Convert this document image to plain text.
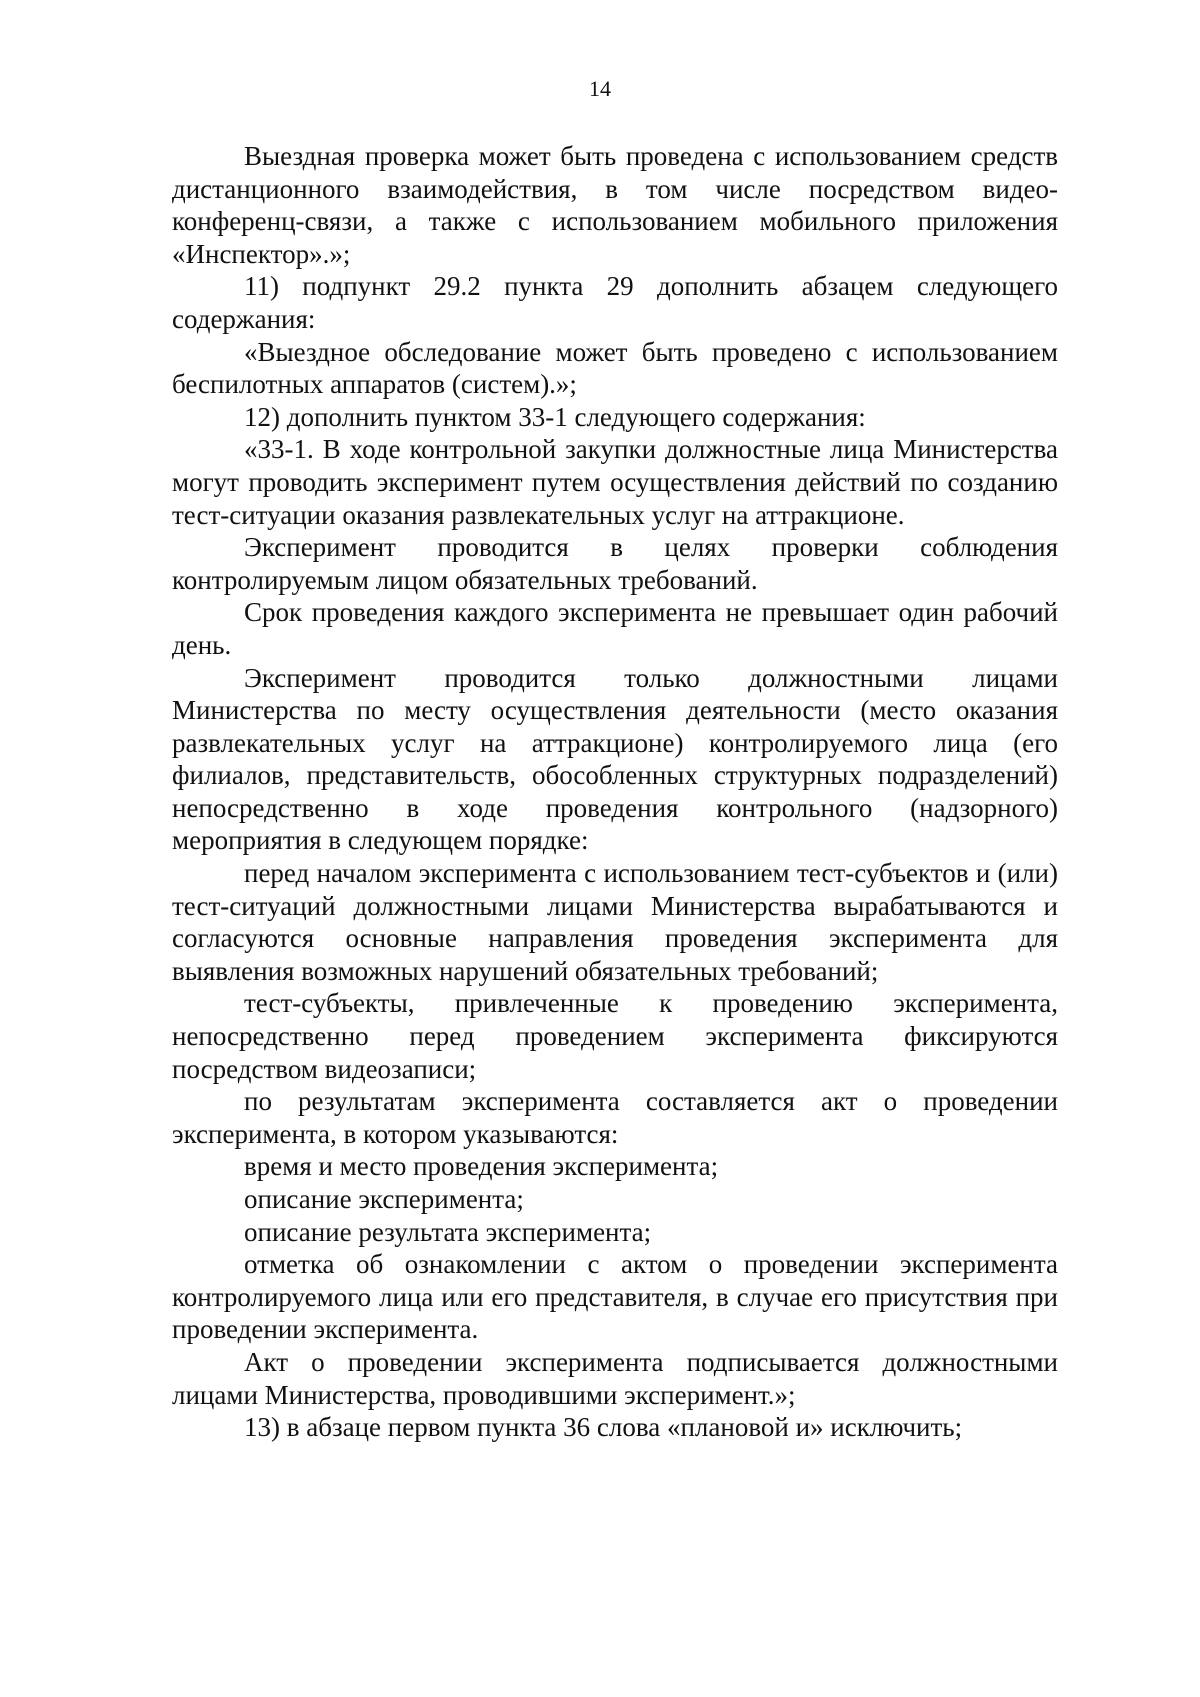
14

Выездная проверка может быть проведена с использованием средств дистанционного взаимодействия, в том числе посредством видео-конференц-связи, а также с использованием мобильного приложения «Инспектор».»;

11) подпункт 29.2 пункта 29 дополнить абзацем следующего содержания:

«Выездное обследование может быть проведено с использованием беспилотных аппаратов (систем).»;

12) дополнить пунктом 33-1 следующего содержания:

«33-1. В ходе контрольной закупки должностные лица Министерства могут проводить эксперимент путем осуществления действий по созданию тест-ситуации оказания развлекательных услуг на аттракционе.

Эксперимент проводится в целях проверки соблюдения контролируемым лицом обязательных требований.

Срок проведения каждого эксперимента не превышает один рабочий день.

Эксперимент проводится только должностными лицами Министерства по месту осуществления деятельности (место оказания развлекательных услуг на аттракционе) контролируемого лица (его филиалов, представительств, обособленных структурных подразделений) непосредственно в ходе проведения контрольного (надзорного) мероприятия в следующем порядке:

перед началом эксперимента с использованием тест-субъектов и (или) тест-ситуаций должностными лицами Министерства вырабатываются и согласуются основные направления проведения эксперимента для выявления возможных нарушений обязательных требований;

тест-субъекты, привлеченные к проведению эксперимента, непосредственно перед проведением эксперимента фиксируются посредством видеозаписи;

по результатам эксперимента составляется акт о проведении эксперимента, в котором указываются:

время и место проведения эксперимента;

описание эксперимента;

описание результата эксперимента;

отметка об ознакомлении с актом о проведении эксперимента контролируемого лица или его представителя, в случае его присутствия при проведении эксперимента.

Акт о проведении эксперимента подписывается должностными лицами Министерства, проводившими эксперимент.»;

13) в абзаце первом пункта 36 слова «плановой и» исключить;
